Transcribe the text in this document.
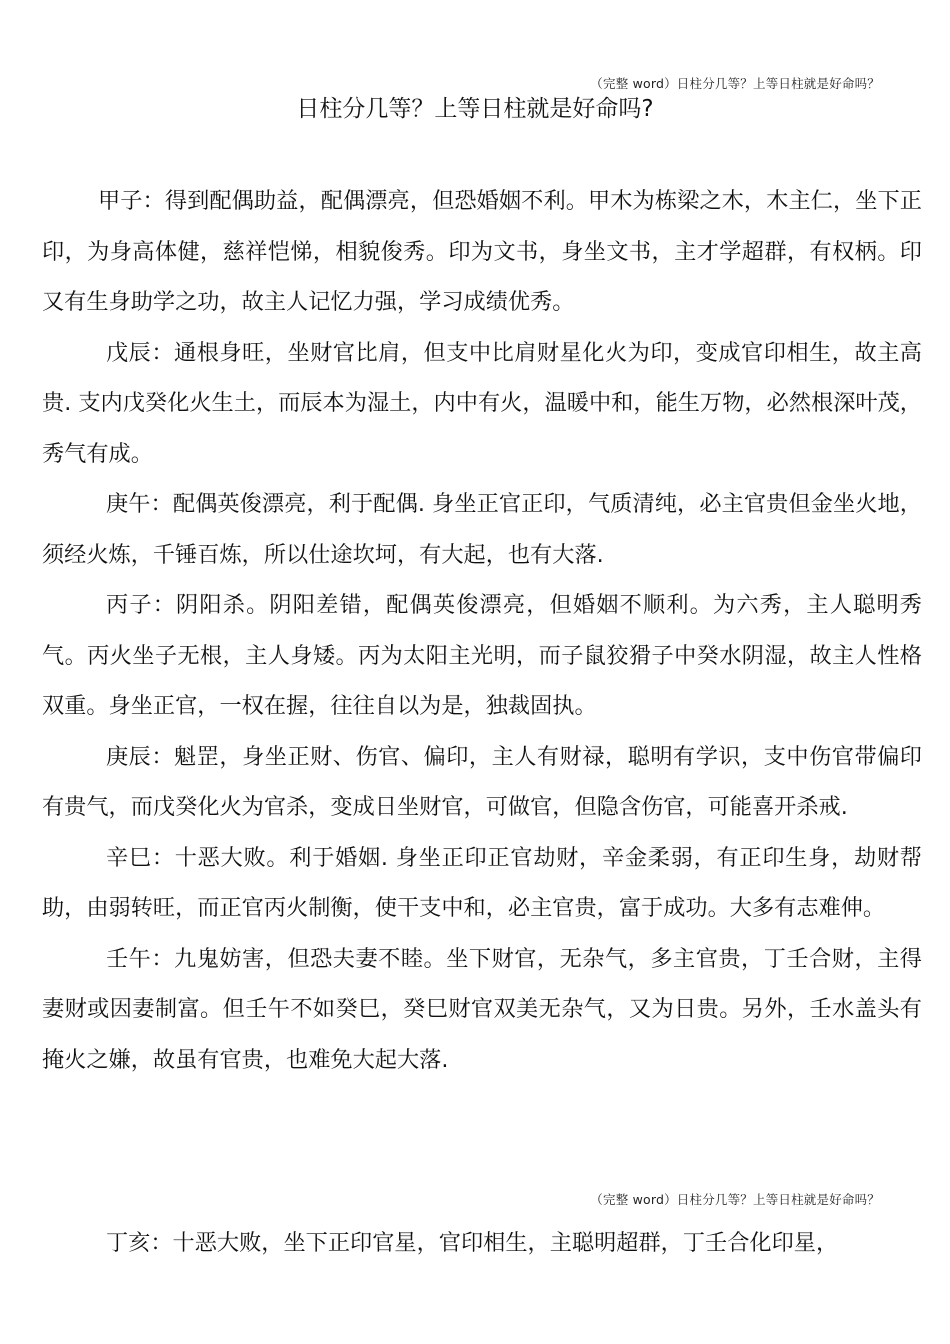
（完整 word）日柱分几等？上等日柱就是好命吗？
日柱分几等？上等日柱就是好命吗?

甲子：得到配偶助益，配偶漂亮，但恐婚姻不利。甲木为栋梁之木，木主仁，坐下正印，为身高体健，慈祥恺悌，相貌俊秀。印为文书，身坐文书，主才学超群，有权柄。印又有生身助学之功，故主人记忆力强，学习成绩优秀。

戊辰：通根身旺，坐财官比肩，但支中比肩财星化火为印，变成官印相生，故主高贵. 支内戊癸化火生土，而辰本为湿土，内中有火，温暖中和，能生万物，必然根深叶茂，秀气有成。

庚午：配偶英俊漂亮，利于配偶. 身坐正官正印，气质清纯，必主官贵但金坐火地，须经火炼，千锤百炼，所以仕途坎坷，有大起，也有大落.

丙子：阴阳杀。阴阳差错，配偶英俊漂亮，但婚姻不顺利。为六秀，主人聪明秀气。丙火坐子无根，主人身矮。丙为太阳主光明，而子鼠狡猾子中癸水阴湿，故主人性格双重。身坐正官，一权在握，往往自以为是，独裁固执。

庚辰：魁罡，身坐正财、伤官、偏印，主人有财禄，聪明有学识，支中伤官带偏印有贵气，而戊癸化火为官杀，变成日坐财官，可做官，但隐含伤官，可能喜开杀戒.

辛巳：十恶大败。利于婚姻. 身坐正印正官劫财，辛金柔弱，有正印生身，劫财帮助，由弱转旺，而正官丙火制衡，使干支中和，必主官贵，富于成功。大多有志难伸。

壬午：九鬼妨害，但恐夫妻不睦。坐下财官，无杂气，多主官贵，丁壬合财，主得妻财或因妻制富。但壬午不如癸巳，癸巳财官双美无杂气，又为日贵。另外，壬水盖头有掩火之嫌，故虽有官贵，也难免大起大落.

（完整 word）日柱分几等？上等日柱就是好命吗？

丁亥：十恶大败，坐下正印官星，官印相生，主聪明超群，丁壬合化印星，
